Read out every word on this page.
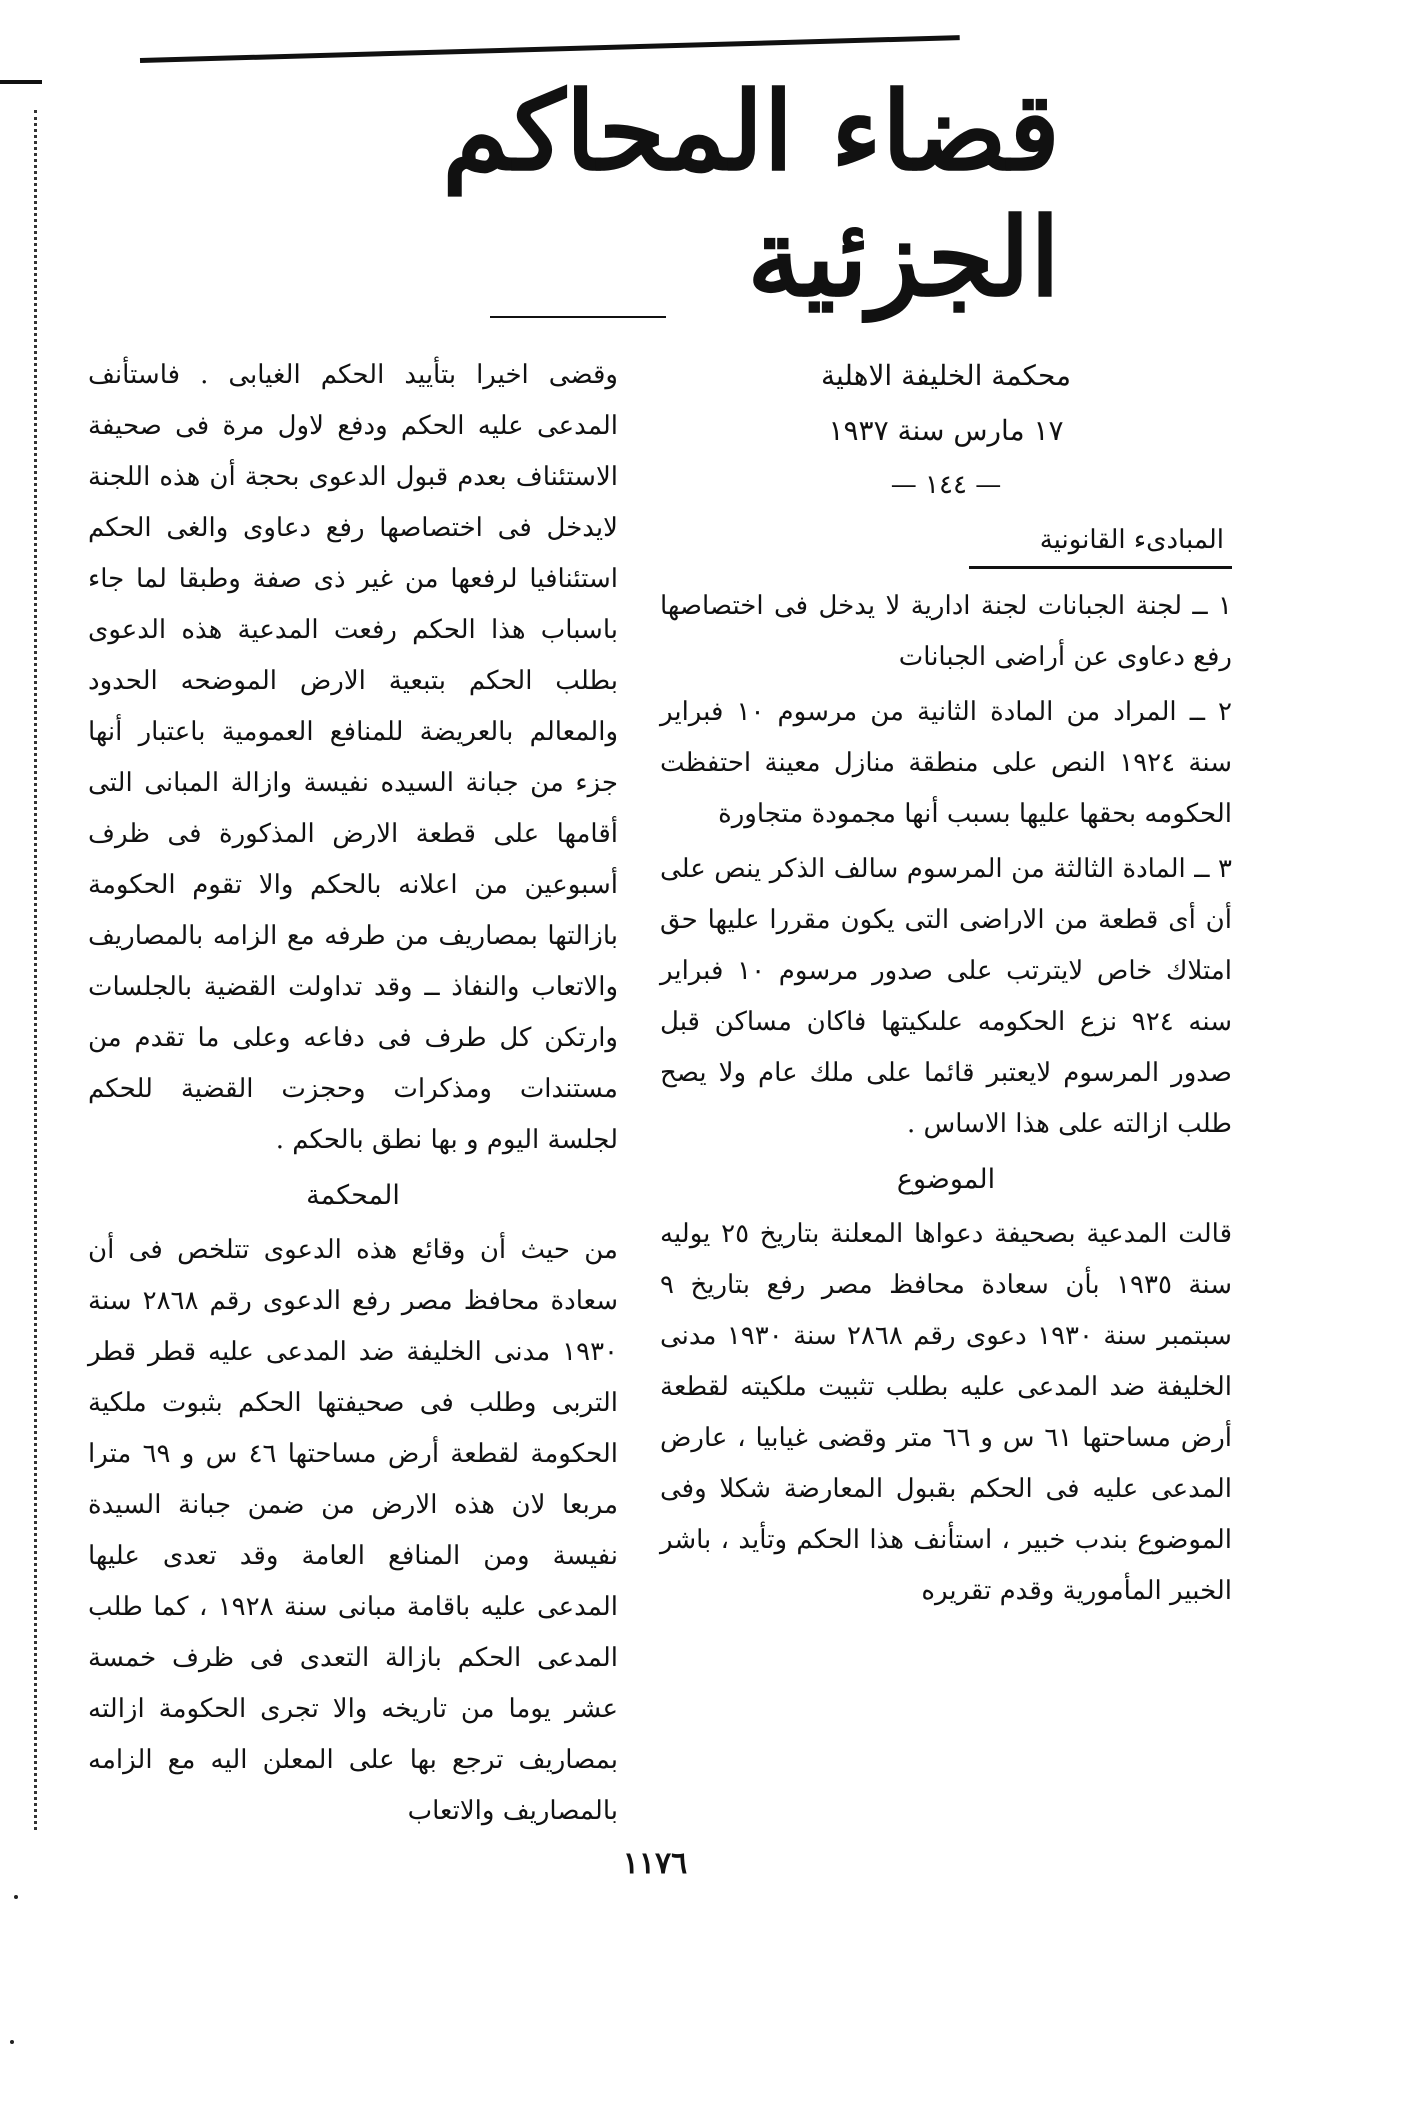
قضاء المحاكم الجزئية

محكمة الخليفة الاهلية

١٧ مارس سنة ١٩٣٧

— ١٤٤ —

المبادىء القانونية

١ ــ لجنة الجبانات لجنة ادارية لا يدخل فى اختصاصها رفع دعاوى عن أراضى الجبانات

٢ ــ المراد من المادة الثانية من مرسوم ١٠ فبراير سنة ١٩٢٤ النص على منطقة منازل معينة احتفظت الحكومه بحقها عليها بسبب أنها مجمودة متجاورة

٣ ــ المادة الثالثة من المرسوم سالف الذكر ينص على أن أى قطعة من الاراضى التى يكون مقررا عليها حق امتلاك خاص لايترتب على صدور مرسوم ١٠ فبراير سنه ٩٢٤ نزع الحكومه علىكيتها فاكان مساكن قبل صدور المرسوم لايعتبر قائما على ملك عام ولا يصح طلب ازالته على هذا الاساس .

الموضوع

قالت المدعية بصحيفة دعواها المعلنة بتاريخ ٢٥ يوليه سنة ١٩٣٥ بأن سعادة محافظ مصر رفع بتاريخ ٩ سبتمبر سنة ١٩٣٠ دعوى رقم ٢٨٦٨ سنة ١٩٣٠ مدنى الخليفة ضد المدعى عليه بطلب تثبيت ملكيته لقطعة أرض مساحتها ٦١ س و ٦٦ متر وقضى غيابيا ، عارض المدعى عليه فى الحكم بقبول المعارضة شكلا وفى الموضوع بندب خبير ، استأنف هذا الحكم وتأيد ، باشر الخبير المأمورية وقدم تقريره

وقضى اخيرا بتأييد الحكم الغيابى . فاستأنف المدعى عليه الحكم ودفع لاول مرة فى صحيفة الاستئناف بعدم قبول الدعوى بحجة أن هذه اللجنة لايدخل فى اختصاصها رفع دعاوى والغى الحكم استئنافيا لرفعها من غير ذى صفة وطبقا لما جاء باسباب هذا الحكم رفعت المدعية هذه الدعوى بطلب الحكم بتبعية الارض الموضحه الحدود والمعالم بالعريضة للمنافع العمومية باعتبار أنها جزء من جبانة السيده نفيسة وازالة المبانى التى أقامها على قطعة الارض المذكورة فى ظرف أسبوعين من اعلانه بالحكم والا تقوم الحكومة بازالتها بمصاريف من طرفه مع الزامه بالمصاريف والاتعاب والنفاذ ــ وقد تداولت القضية بالجلسات وارتكن كل طرف فى دفاعه وعلى ما تقدم من مستندات ومذكرات وحجزت القضية للحكم لجلسة اليوم و بها نطق بالحكم .

المحكمة

من حيث أن وقائع هذه الدعوى تتلخص فى أن سعادة محافظ مصر رفع الدعوى رقم ٢٨٦٨ سنة ١٩٣٠ مدنى الخليفة ضد المدعى عليه قطر قطر التربى وطلب فى صحيفتها الحكم بثبوت ملكية الحكومة لقطعة أرض مساحتها ٤٦ س و ٦٩ مترا مربعا لان هذه الارض من ضمن جبانة السيدة نفيسة ومن المنافع العامة وقد تعدى عليها المدعى عليه باقامة مبانى سنة ١٩٢٨ ، كما طلب المدعى الحكم بازالة التعدى فى ظرف خمسة عشر يوما من تاريخه والا تجرى الحكومة ازالته بمصاريف ترجع بها على المعلن اليه مع الزامه بالمصاريف والاتعاب

١١٧٦
